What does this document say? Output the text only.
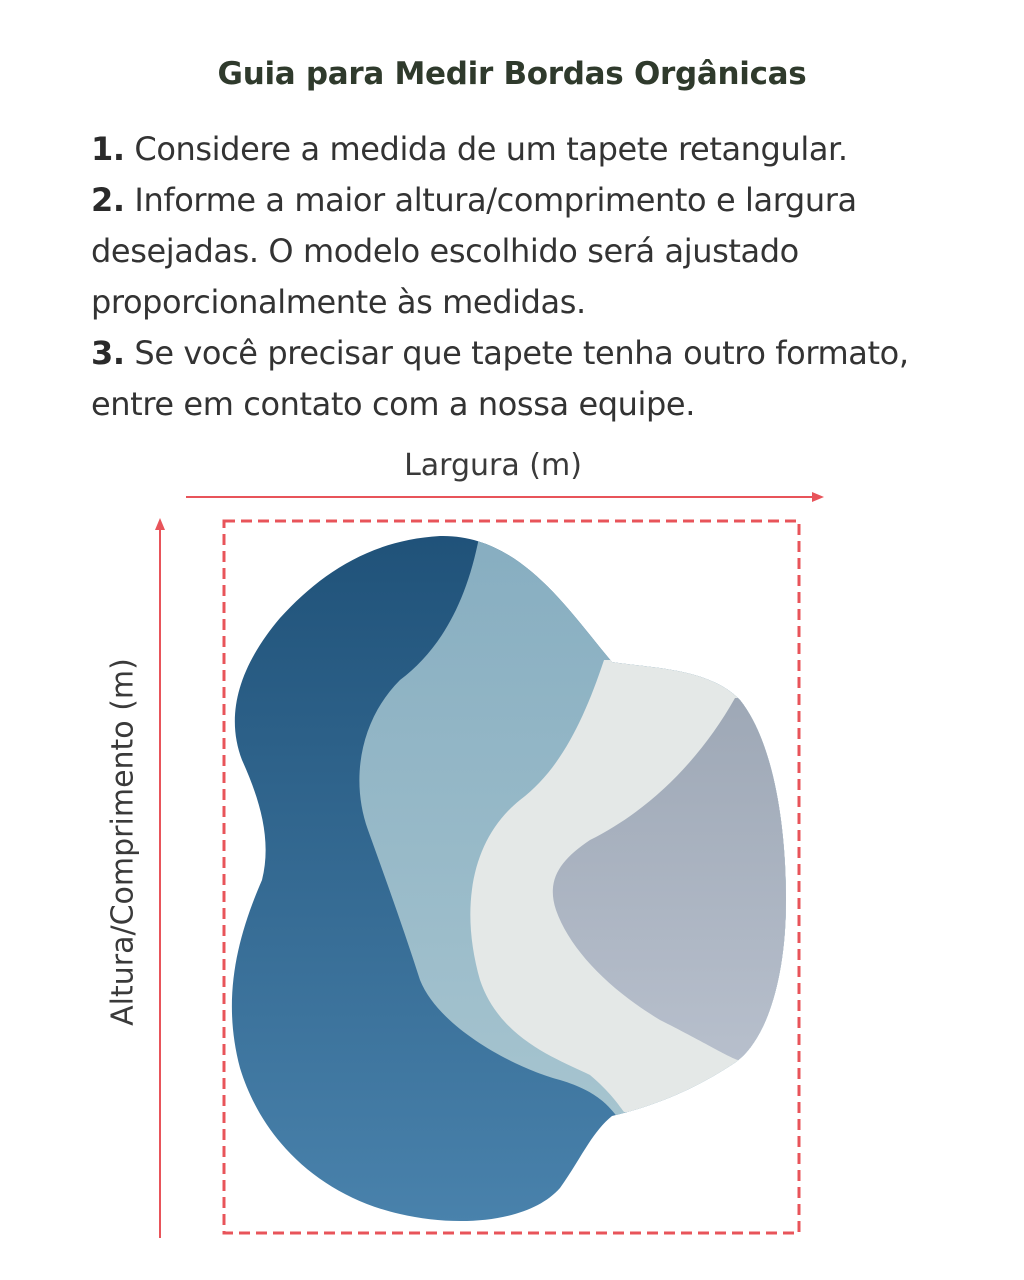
Guia para Medir Bordas Orgânicas
1. Considere a medida de um tapete retangular.
2. Informe a maior altura/comprimento e largura desejadas. O modelo escolhido será ajustado proporcionalmente às medidas.
3. Se você precisar que tapete tenha outro formato, entre em contato com a nossa equipe.
Largura (m)
Altura/Comprimento (m)
